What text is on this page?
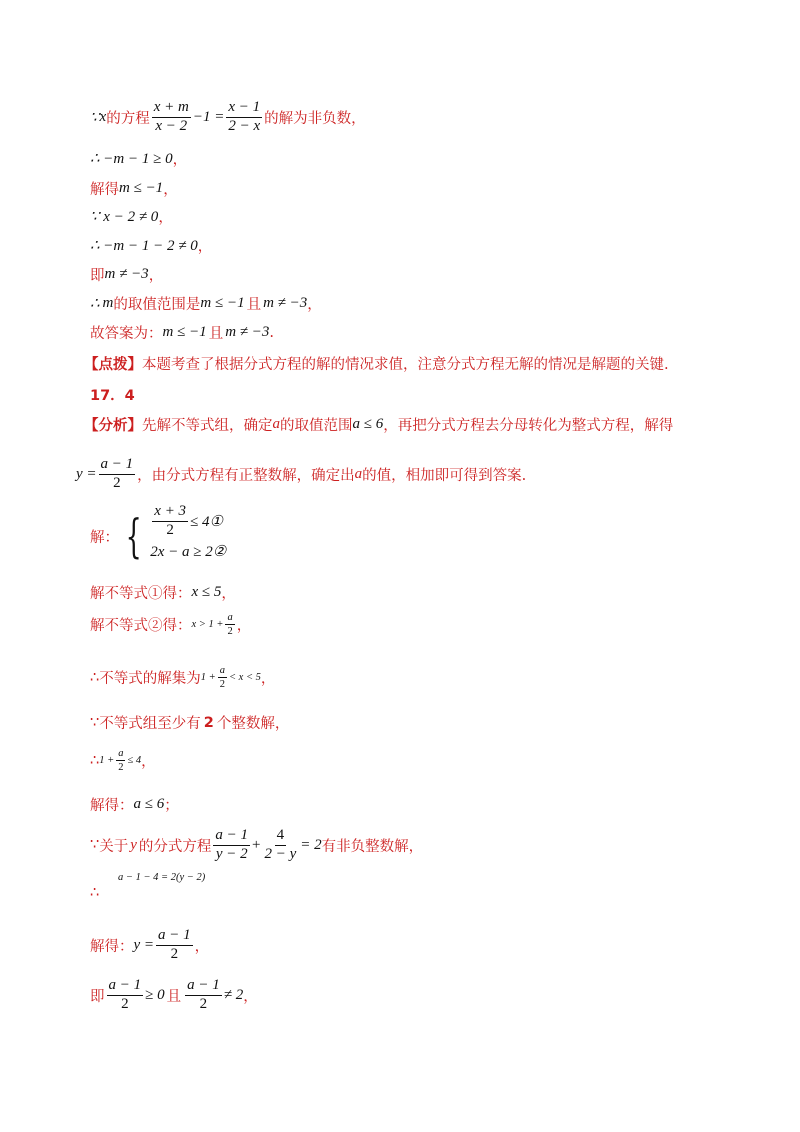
∵ x 的方程 $\frac{x + m}{x - 2} -1 = \frac{x - 1}{2 - x}$ 的解为非负数，
∴ −m − 1 ≥ 0 ，
解得 m ≤ −1 ，
∵ x − 2 ≠ 0 ，
∴ −m − 1 − 2 ≠ 0 ，
即 m ≠ −3 ，
∴ m 的取值范围是 m ≤ −1 且 m ≠ −3 ，
故答案为： m ≤ −1 且 m ≠ −3 .
【点拨】 本题考查了根据分式方程的解的情况求值，注意分式方程无解的情况是解题的关键.
17．4
【分析】 先解不等式组，确定 a 的取值范围 a ≤ 6 ，再把分式方程去分母转化为整式方程，解得
$y = \frac{a - 1}{2}$ ，由分式方程有正整数解，确定出 a 的值，相加即可得到答案.
解： { $\frac{x + 3}{2}$ ≤ 4①
2x − a ≥ 2②
解不等式①得： x ≤ 5 ，
解不等式②得： $x > 1 + \frac{a}{2}$ ，
∴ 不等式的解集为 $1 + \frac{a}{2} < x < 5$ ，
∵ 不等式组至少有 2 个整数解，
∴ $1 + \frac{a}{2} \le 4$ ，
解得： a ≤ 6 ；
∵ 关于 y 的分式方程 $\frac{a - 1}{y - 2} + \frac{4}{2 - y} = 2$ 有非负整数解，
a − 1 − 4 = 2(y − 2)
∴
解得： $y = \frac{a - 1}{2}$ ，
即 $\frac{a - 1}{2} \ge 0$ 且 $\frac{a - 1}{2} \ne 2$ ，
